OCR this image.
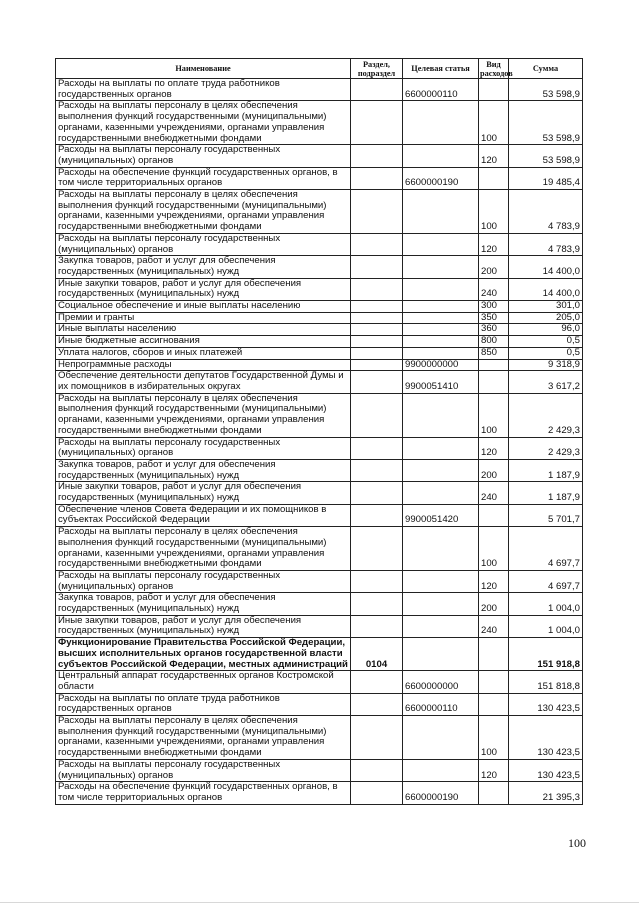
Наименование	Раздел, подраздел	Целевая статья	Вид расходов	Сумма
Расходы на выплаты по оплате труда работников государственных органов		6600000110		53 598,9
Расходы на выплаты персоналу в целях обеспечения выполнения функций государственными (муниципальными) органами, казенными учреждениями, органами управления государственными внебюджетными фондами			100	53 598,9
Расходы на выплаты персоналу государственных (муниципальных) органов			120	53 598,9
Расходы на обеспечение функций государственных органов, в том числе территориальных органов		6600000190		19 485,4
Расходы на выплаты персоналу в целях обеспечения выполнения функций государственными (муниципальными) органами, казенными учреждениями, органами управления государственными внебюджетными фондами			100	4 783,9
Расходы на выплаты персоналу государственных (муниципальных) органов			120	4 783,9
Закупка товаров, работ и услуг для обеспечения государственных (муниципальных) нужд			200	14 400,0
Иные закупки товаров, работ и услуг для обеспечения государственных (муниципальных) нужд			240	14 400,0
Социальное обеспечение и иные выплаты населению			300	301,0
Премии и гранты			350	205,0
Иные выплаты населению			360	96,0
Иные бюджетные ассигнования			800	0,5
Уплата налогов, сборов и иных платежей			850	0,5
Непрограммные расходы		9900000000		9 318,9
Обеспечение деятельности депутатов Государственной Думы и их помощников в избирательных округах		9900051410		3 617,2
Расходы на выплаты персоналу в целях обеспечения выполнения функций государственными (муниципальными) органами, казенными учреждениями, органами управления государственными внебюджетными фондами			100	2 429,3
Расходы на выплаты персоналу государственных (муниципальных) органов			120	2 429,3
Закупка товаров, работ и услуг для обеспечения государственных (муниципальных) нужд			200	1 187,9
Иные закупки товаров, работ и услуг для обеспечения государственных (муниципальных) нужд			240	1 187,9
Обеспечение членов Совета Федерации и их помощников в субъектах Российской Федерации		9900051420		5 701,7
Расходы на выплаты персоналу в целях обеспечения выполнения функций государственными (муниципальными) органами, казенными учреждениями, органами управления государственными внебюджетными фондами			100	4 697,7
Расходы на выплаты персоналу государственных (муниципальных) органов			120	4 697,7
Закупка товаров, работ и услуг для обеспечения государственных (муниципальных) нужд			200	1 004,0
Иные закупки товаров, работ и услуг для обеспечения государственных (муниципальных) нужд			240	1 004,0
Функционирование Правительства Российской Федерации, высших исполнительных органов государственной власти субъектов Российской Федерации, местных администраций	0104			151 918,8
Центральный аппарат государственных органов Костромской области		6600000000		151 818,8
Расходы на выплаты по оплате труда работников государственных органов		6600000110		130 423,5
Расходы на выплаты персоналу в целях обеспечения выполнения функций государственными (муниципальными) органами, казенными учреждениями, органами управления государственными внебюджетными фондами			100	130 423,5
Расходы на выплаты персоналу государственных (муниципальных) органов			120	130 423,5
Расходы на обеспечение функций государственных органов, в том числе территориальных органов		6600000190		21 395,3
100
